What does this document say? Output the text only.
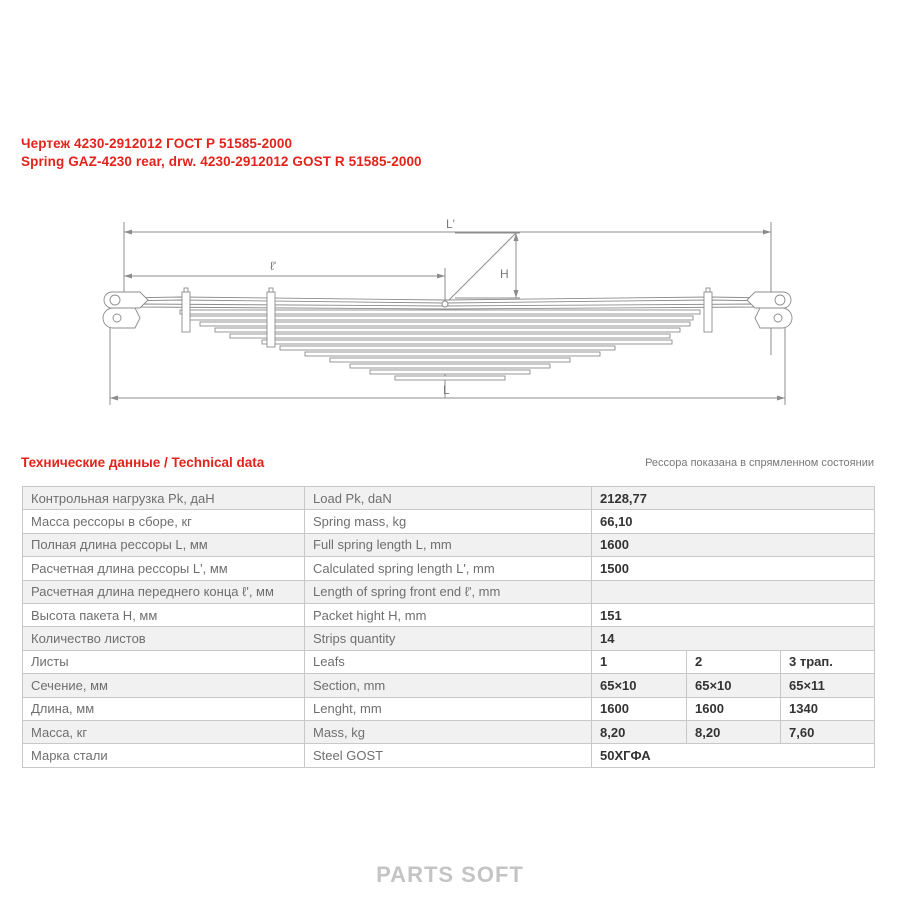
Чертеж 4230-2912012 ГОСТ Р 51585-2000
Spring GAZ-4230 rear, drw. 4230-2912012 GOST R 51585-2000
L'
ℓ'
H
L
Технические данные / Technical data	Рессора показана в спрямленном состоянии
Контрольная нагрузка Pk, даН	Load Pk, daN	2128,77		
Масса рессоры в сборе, кг	Spring mass, kg	66,10		
Полная длина рессоры L, мм	Full spring length L, mm	1600		
Расчетная длина рессоры L', мм	Calculated spring length L', mm	1500		
Расчетная длина переднего конца ℓ', мм	Length of spring front end ℓ', mm			
Высота пакета H, мм	Packet hight H, mm	151		
Количество листов	Strips quantity	14		
Листы	Leafs	1	2	3 трап.
Сечение, мм	Section, mm	65×10	65×10	65×11
Длина, мм	Lenght, mm	1600	1600	1340
Масса, кг	Mass, kg	8,20	8,20	7,60
Марка стали	Steel GOST	50ХГФА		
PARTS SOFT
